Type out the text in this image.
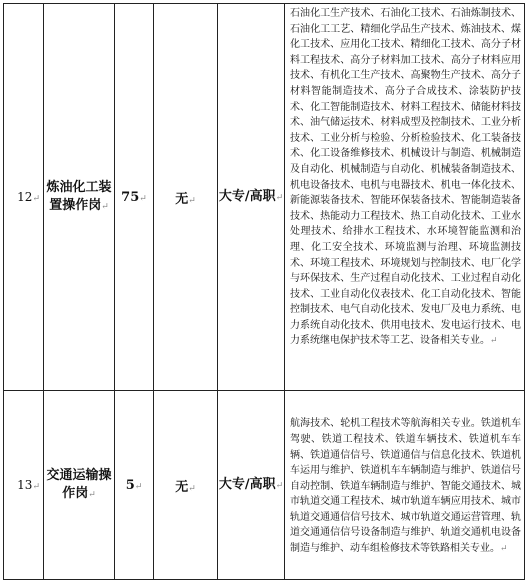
12↵	炼油化工装置操作岗↵	75↵	无↵	大专/高职↵	石油化工生产技术、石油化工技术、石油炼制技术、石油化工工艺、精细化学品生产技术、炼油技术、煤化工技术、应用化工技术、精细化工技术、高分子材料工程技术、高分子材料加工技术、高分子材料应用技术、有机化工生产技术、高聚物生产技术、高分子材料智能制造技术、高分子合成技术、涂装防护技术、化工智能制造技术、材料工程技术、储能材料技术、油气储运技术、材料成型及控制技术、工业分析技术、工业分析与检验、分析检验技术、化工装备技术、化工设备维修技术、机械设计与制造、机械制造及自动化、机械制造与自动化、机械装备制造技术、机电设备技术、电机与电器技术、机电一体化技术、新能源装备技术、智能环保装备技术、智能制造装备技术、热能动力工程技术、热工自动化技术、工业水处理技术、给排水工程技术、水环境智能监测和治理、化工安全技术、环境监测与治理、环境监测技术、环境工程技术、环境规划与控制技术、电厂化学与环保技术、生产过程自动化技术、工业过程自动化技术、工业自动化仪表技术、化工自动化技术、智能控制技术、电气自动化技术、发电厂及电力系统、电力系统自动化技术、供用电技术、发电运行技术、电力系统继电保护技术等工艺、设备相关专业。↵
13↵	交通运输操作岗↵	5↵	无↵	大专/高职↵	航海技术、轮机工程技术等航海相关专业。铁道机车驾驶、铁道工程技术、铁道车辆技术、铁道机车车辆、铁道通信信号、铁道通信与信息化技术、铁道机车运用与维护、铁道机车车辆制造与维护、铁道信号自动控制、铁道车辆制造与维护、智能交通技术、城市轨道交通工程技术、城市轨道车辆应用技术、城市轨道交通通信信号技术、城市轨道交通运营管理、轨道交通通信信号设备制造与维护、轨道交通机电设备制造与维护、动车组检修技术等铁路相关专业。↵
